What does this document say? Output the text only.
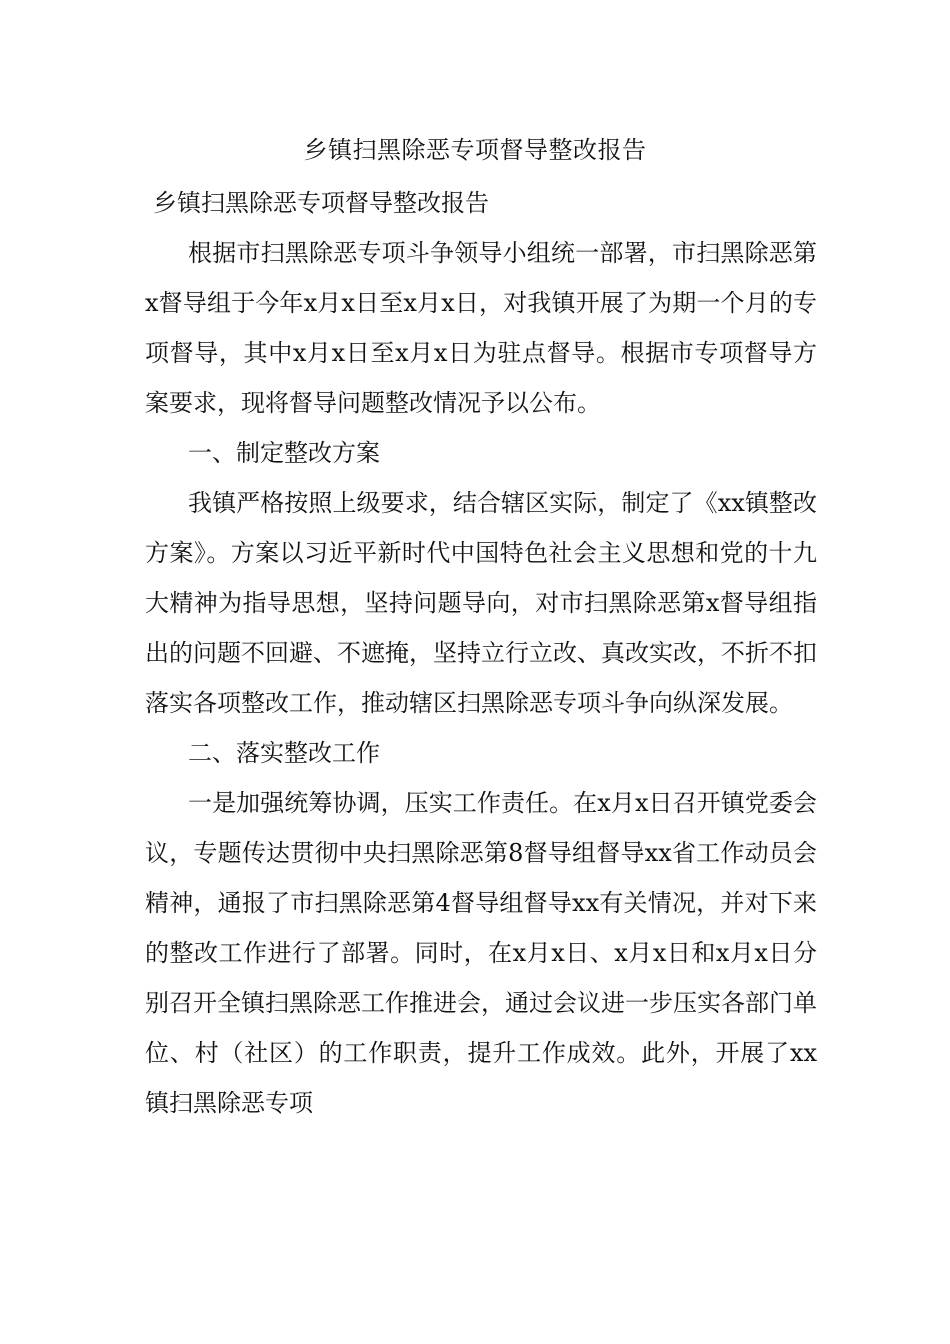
乡镇扫黑除恶专项督导整改报告

乡镇扫黑除恶专项督导整改报告

根据市扫黑除恶专项斗争领导小组统一部署，市扫黑除恶第x督导组于今年x月x日至x月x日，对我镇开展了为期一个月的专项督导，其中x月x日至x月x日为驻点督导。根据市专项督导方案要求，现将督导问题整改情况予以公布。

一、制定整改方案

我镇严格按照上级要求，结合辖区实际，制定了《xx镇整改方案》。方案以习近平新时代中国特色社会主义思想和党的十九大精神为指导思想，坚持问题导向，对市扫黑除恶第x督导组指出的问题不回避、不遮掩，坚持立行立改、真改实改，不折不扣落实各项整改工作，推动辖区扫黑除恶专项斗争向纵深发展。

二、落实整改工作

一是加强统筹协调，压实工作责任。在x月x日召开镇党委会议，专题传达贯彻中央扫黑除恶第8督导组督导xx省工作动员会精神，通报了市扫黑除恶第4督导组督导xx有关情况，并对下来的整改工作进行了部署。同时，在x月x日、x月x日和x月x日分别召开全镇扫黑除恶工作推进会，通过会议进一步压实各部门单位、村（社区）的工作职责，提升工作成效。此外，开展了xx镇扫黑除恶专项
